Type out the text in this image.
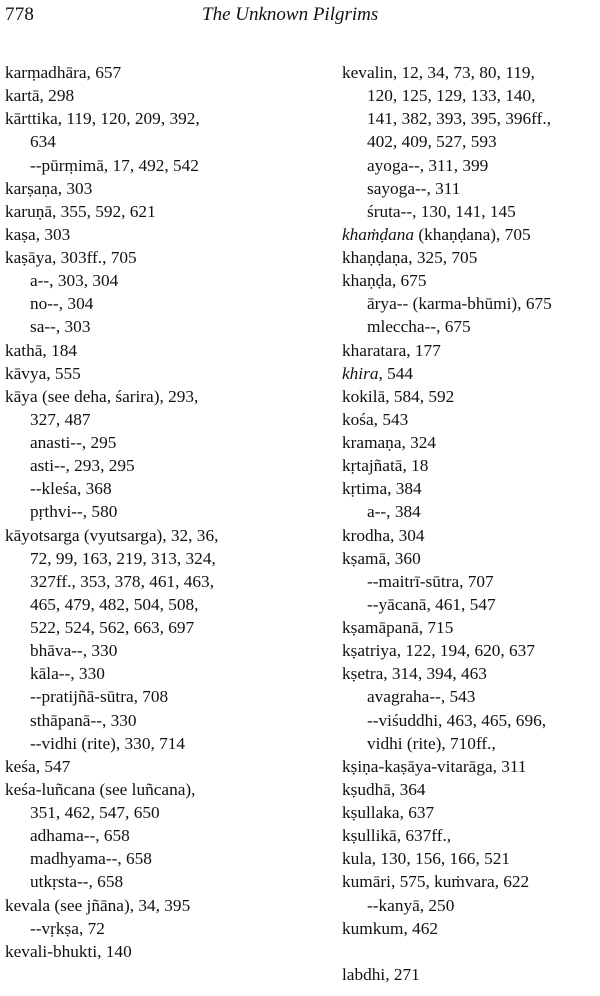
778	The Unknown Pilgrims
karṃadhāra, 657
kartā, 298
kārttika, 119, 120, 209, 392,
634
--pūrṃimā, 17, 492, 542
karṣaṇa, 303
karuṇā, 355, 592, 621
kaṣa, 303
kaṣāya, 303ff., 705
a--, 303, 304
no--, 304
sa--, 303
kathā, 184
kāvya, 555
kāya (see deha, śarira), 293,
327, 487
anasti--, 295
asti--, 293, 295
--kleśa, 368
pṛthvi--, 580
kāyotsarga (vyutsarga), 32, 36,
72, 99, 163, 219, 313, 324,
327ff., 353, 378, 461, 463,
465, 479, 482, 504, 508,
522, 524, 562, 663, 697
bhāva--, 330
kāla--, 330
--pratijñā-sūtra, 708
sthāpanā--, 330
--vidhi (rite), 330, 714
keśa, 547
keśa-luñcana (see luñcana),
351, 462, 547, 650
adhama--, 658
madhyama--, 658
utkṛsta--, 658
kevala (see jñāna), 34, 395
--vṛkṣa, 72
kevali-bhukti, 140
kevalin, 12, 34, 73, 80, 119,
120, 125, 129, 133, 140,
141, 382, 393, 395, 396ff.,
402, 409, 527, 593
ayoga--, 311, 399
sayoga--, 311
śruta--, 130, 141, 145
khaṁḍana (khaṇḍana), 705
khaṇḍaṇa, 325, 705
khaṇḍa, 675
ārya-- (karma-bhūmi), 675
mleccha--, 675
kharatara, 177
khira, 544
kokilā, 584, 592
kośa, 543
kramaṇa, 324
kṛtajñatā, 18
kṛtima, 384
a--, 384
krodha, 304
kṣamā, 360
--maitrī-sūtra, 707
--yācanā, 461, 547
kṣamāpanā, 715
kṣatriya, 122, 194, 620, 637
kṣetra, 314, 394, 463
avagraha--, 543
--viśuddhi, 463, 465, 696,
vidhi (rite), 710ff.,
kṣiṇa-kaṣāya-vitarāga, 311
kṣudhā, 364
kṣullaka, 637
kṣullikā, 637ff.,
kula, 130, 156, 166, 521
kumāri, 575, kuṁvara, 622
--kanyā, 250
kumkum, 462
labdhi, 271
